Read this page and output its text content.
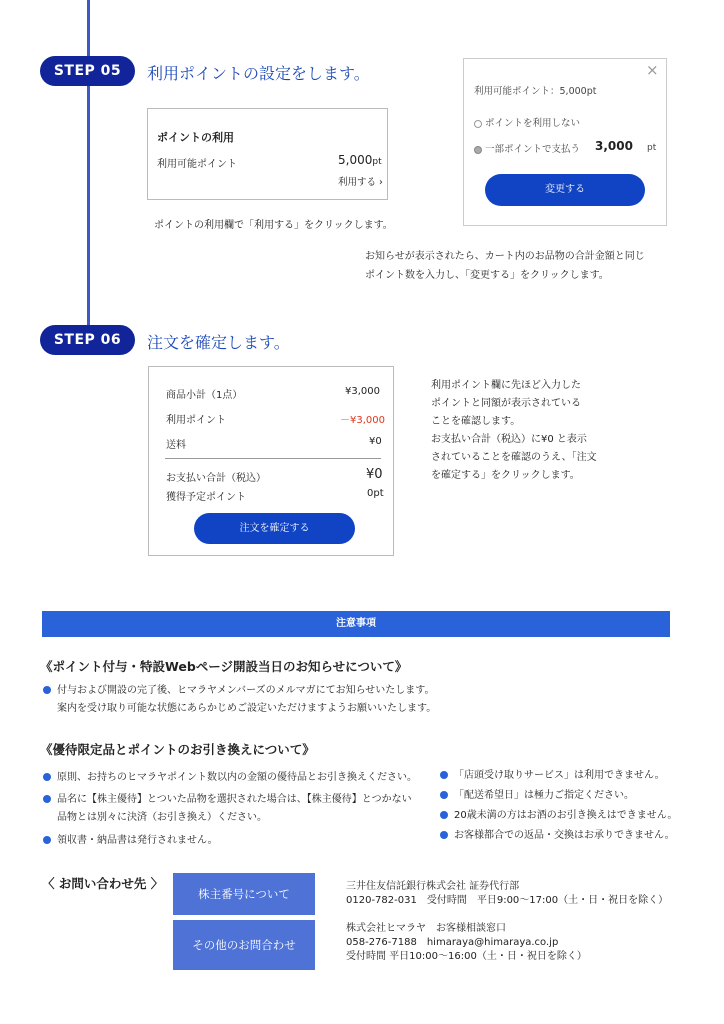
STEP 05	利用ポイントの設定をします。
ポイントの利用
利用可能ポイント	5,000pt
利用する ›
ポイントの利用欄で「利用する」をクリックします。
×
利用可能ポイント：5,000pt
ポイントを利用しない
一部ポイントで支払う 3,000 pt
変更する
お知らせが表示されたら、カート内のお品物の合計金額と同じ
ポイント数を入力し、「変更する」をクリックします。
STEP 06	注文を確定します。
商品小計（1点）	¥3,000
利用ポイント	－¥3,000
送料	¥0
お支払い合計（税込）	¥0
獲得予定ポイント	0pt
注文を確定する
利用ポイント欄に先ほど入力した
ポイントと同額が表示されている
ことを確認します。
お支払い合計（税込）に¥0 と表示
されていることを確認のうえ、「注文
を確定する」をクリックします。
注意事項
《ポイント付与・特設Webページ開設当日のお知らせについて》
付与および開設の完了後、ヒマラヤメンバーズのメルマガにてお知らせいたします。
案内を受け取り可能な状態にあらかじめご設定いただけますようお願いいたします。
《優待限定品とポイントのお引き換えについて》
原則、お持ちのヒマラヤポイント数以内の金額の優待品とお引き換えください。
品名に【株主優待】とついた品物を選択された場合は、【株主優待】とつかない
品物とは別々に決済（お引き換え）ください。
領収書・納品書は発行されません。
「店頭受け取りサービス」は利用できません。
「配送希望日」は極力ご指定ください。
20歳未満の方はお酒のお引き換えはできません。
お客様都合での返品・交換はお承りできません。
〈 お問い合わせ先 〉
株主番号について
その他のお問合わせ
三井住友信託銀行株式会社 証券代行部
0120-782-031　受付時間　平日9:00〜17:00（土・日・祝日を除く）
株式会社ヒマラヤ　お客様相談窓口
058-276-7188　himaraya@himaraya.co.jp
受付時間 平日10:00〜16:00（土・日・祝日を除く）
